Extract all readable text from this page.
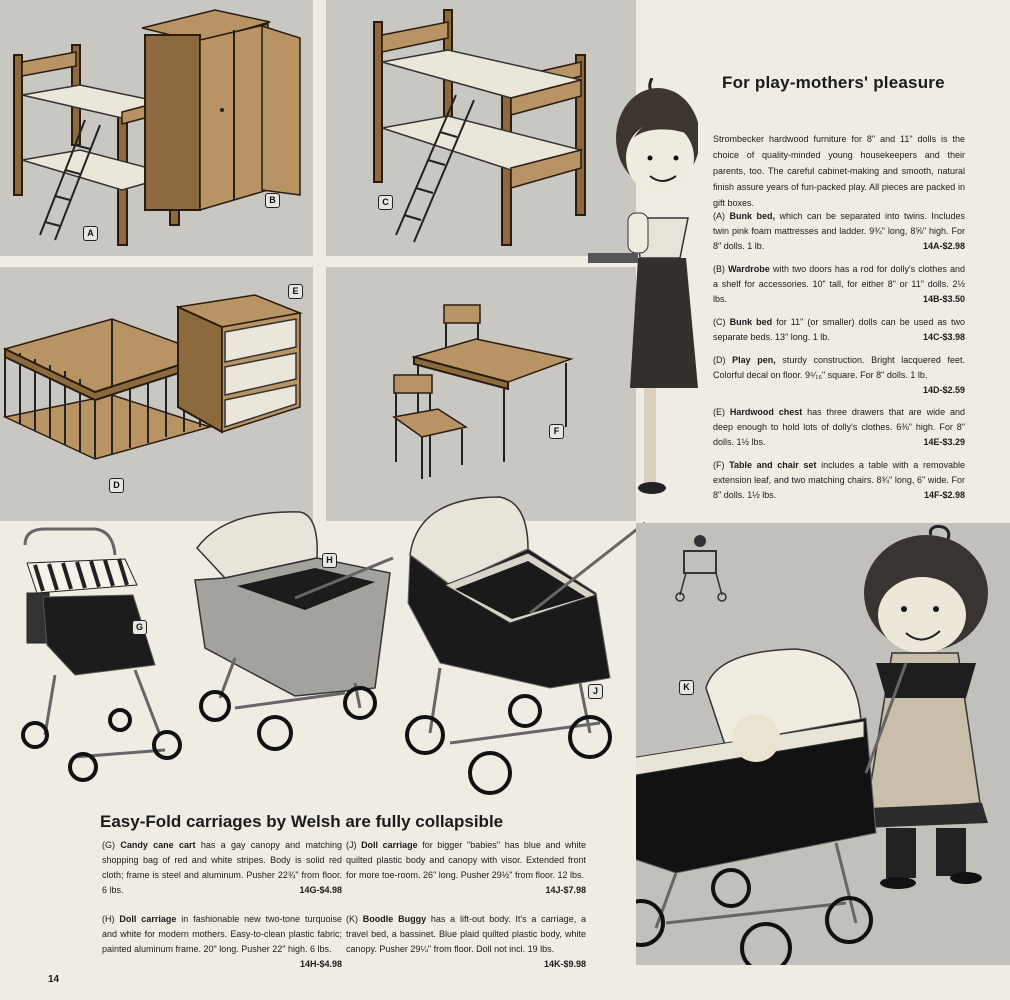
A
B	C
D
E
F
For play-mothers' pleasure
Strombecker hardwood furniture for 8" and 11" dolls is the choice of quality-minded young housekeepers and their parents, too. The careful cabinet-making and smooth, natural finish assure years of fun-packed play. All pieces are packed in gift boxes.
(A) Bunk bed, which can be separated into twins. Includes twin pink foam mattresses and ladder. 9¾" long, 8⅝" high. For 8" dolls. 1 lb.	14A-$2.98
(B) Wardrobe with two doors has a rod for dolly's clothes and a shelf for accessories. 10" tall, for either 8" or 11" dolls. 2½ lbs.	14B-$3.50
(C) Bunk bed for 11" (or smaller) dolls can be used as two separate beds. 13" long. 1 lb.	14C-$3.98
(D) Play pen, sturdy construction. Bright lacquered feet. Colorful decal on floor. 9⁵⁄₁₆" square. For 8" dolls. 1 lb.
14D-$2.59
(E) Hardwood chest has three drawers that are wide and deep enough to hold lots of dolly's clothes. 6⅜" high. For 8" dolls. 1½ lbs.	14E-$3.29
(F) Table and chair set includes a table with a removable extension leaf, and two matching chairs. 8¾" long, 6" wide. For 8" dolls. 1½ lbs.	14F-$2.98
G
H
J	K
Easy-Fold carriages by Welsh are fully collapsible
(G) Candy cane cart has a gay canopy and matching shopping bag of red and white stripes. Body is solid red cloth; frame is steel and aluminum. Pusher 22¾" from floor. 6 lbs.	14G-$4.98
(H) Doll carriage in fashionable new two-tone turquoise and white for modern mothers. Easy-to-clean plastic fabric; painted aluminum frame. 20" long. Pusher 22" high. 6 lbs.
14H-$4.98
(J) Doll carriage for bigger ''babies'' has blue and white quilted plastic body and canopy with visor. Extended front for more toe-room. 26" long. Pusher 29½" from floor. 12 lbs.
14J-$7.98
(K) Boodle Buggy has a lift-out body. It's a carriage, a travel bed, a bassinet. Blue plaid quilted plastic body, white canopy. Pusher 29¼" from floor. Doll not incl. 19 lbs.
14K-$9.98
14
